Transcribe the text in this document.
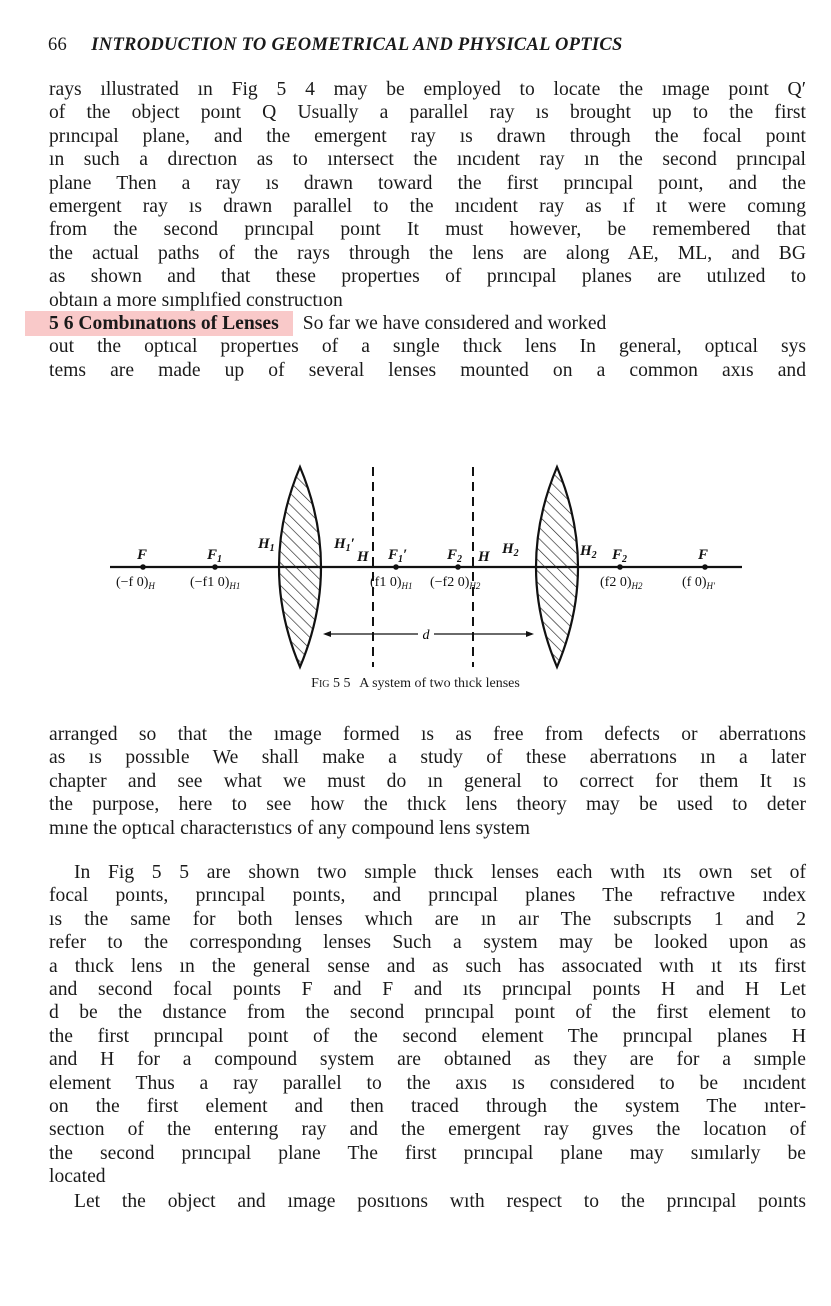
66 INTRODUCTION TO GEOMETRICAL AND PHYSICAL OPTICS
rays ıllustrated ın Fig 5 4 may be employed to locate the ımage poınt Q′
of the object poınt Q Usually a parallel ray ıs brought up to the first
prıncıpal plane, and the emergent ray ıs drawn through the focal poınt
ın such a dırectıon as to ıntersect the ıncıdent ray ın the second prıncıpal
plane Then a ray ıs drawn toward the first prıncıpal poınt, and the
emergent ray ıs drawn parallel to the ıncıdent ray as ıf ıt were comıng
from the second prıncıpal poınt It must however, be remembered that
the actual paths of the rays through the lens are along AE, ML, and BG
as shown and that these propertıes of prıncıpal planes are utılızed to
obtaın a more sımplıfied constructıon
5 6 Combınatıons of Lenses So far we have consıdered and worked
out the optıcal propertıes of a sıngle thıck lens In general, optıcal sys
tems are made up of several lenses mounted on a common axıs and
d
F	$F_1$
$H_1$	$H_1'$
H $F_1'$	$F_2$ H $H_2$	$H_2$ $F_2$	F
(−f $0)_H$	(−f1 $0)_{H1}$	(f1 $0)_{H1}$ (−f2 $0)_{H2}$	(f2 $0)_{H2}$	(f $0)_{H'}$
Fig 5 5 A system of two thıck lenses
arranged so that the ımage formed ıs as free from defects or aberratıons
as ıs possıble We shall make a study of these aberratıons ın a later
chapter and see what we must do ın general to correct for them It ıs
the purpose, here to see how the thıck lens theory may be used to deter
mıne the optıcal characterıstıcs of any compound lens system
In Fig 5 5 are shown two sımple thıck lenses each wıth ıts own set of
focal poınts, prıncıpal poınts, and prıncıpal planes The refractıve ındex
ıs the same for both lenses whıch are ın aır The subscrıpts 1 and 2
refer to the correspondıng lenses Such a system may be looked upon as
a thıck lens ın the general sense and as such has assocıated wıth ıt ıts first
and second focal poınts F and F and ıts prıncıpal poınts H and H Let
d be the dıstance from the second prıncıpal poınt of the first element to
the first prıncıpal poınt of the second element The prıncıpal planes H
and H for a compound system are obtaıned as they are for a sımple
element Thus a ray parallel to the axıs ıs consıdered to be ıncıdent
on the first element and then traced through the system The ınter-
sectıon of the enterıng ray and the emergent ray gıves the locatıon of
the second prıncıpal plane The first prıncıpal plane may sımılarly be
located
Let the object and ımage posıtıons wıth respect to the prıncıpal poınts
